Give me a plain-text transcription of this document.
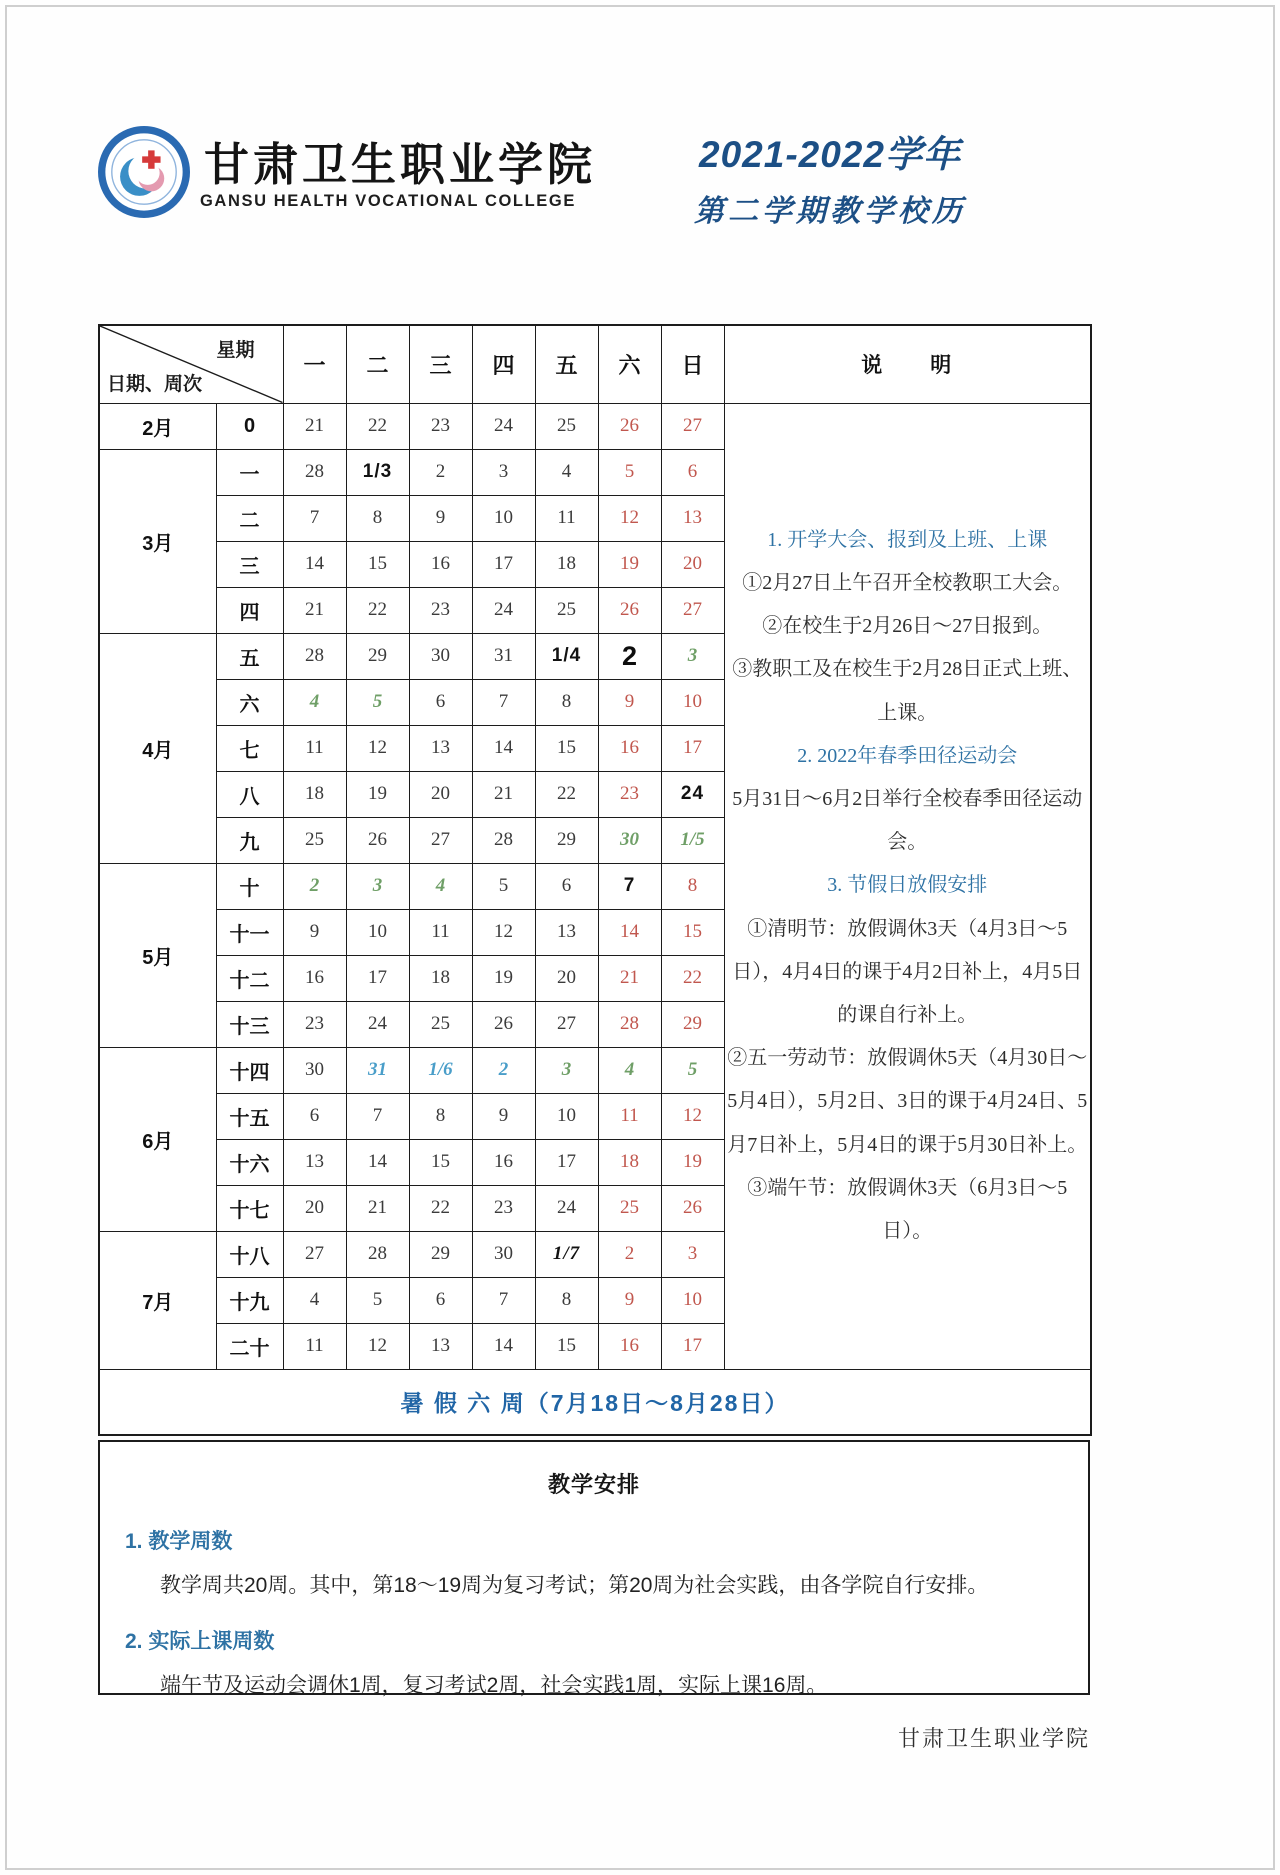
甘肃卫生职业学院
GANSU HEALTH VOCATIONAL COLLEGE
2021-2022学年
第二学期教学校历
星期
日期、周次		一	二	三	四	五	六	日	说　　明
2月	0	21	22	23	24	25	26	27	

1. 开学大会、报到及上班、上课

①2月27日上午召开全校教职工大会。

②在校生于2月26日～27日报到。

③教职工及在校生于2月28日正式上班、上课。

2. 2022年春季田径运动会

5月31日～6月2日举行全校春季田径运动会。

3. 节假日放假安排

①清明节：放假调休3天（4月3日～5日），4月4日的课于4月2日补上，4月5日的课自行补上。

②五一劳动节：放假调休5天（4月30日～5月4日），5月2日、3日的课于4月24日、5月7日补上，5月4日的课于5月30日补上。

③端午节：放假调休3天（6月3日～5日）。

3月	一	28	1/3	2	3	4	5	6	
	二	7	8	9	10	11	12	13	
	三	14	15	16	17	18	19	20	
	四	21	22	23	24	25	26	27	
4月	五	28	29	30	31	1/4	2	3	
	六	4	5	6	7	8	9	10	
	七	11	12	13	14	15	16	17	
	八	18	19	20	21	22	23	24	
	九	25	26	27	28	29	30	1/5	
5月	十	2	3	4	5	6	7	8	
	十一	9	10	11	12	13	14	15	
	十二	16	17	18	19	20	21	22	
	十三	23	24	25	26	27	28	29	
6月	十四	30	31	1/6	2	3	4	5	
	十五	6	7	8	9	10	11	12	
	十六	13	14	15	16	17	18	19	
	十七	20	21	22	23	24	25	26	
7月	十八	27	28	29	30	1/7	2	3	
	十九	4	5	6	7	8	9	10	
	二十	11	12	13	14	15	16	17	
暑 假 六 周（7月18日～8月28日）									
教学安排
1. 教学周数
教学周共20周。其中，第18～19周为复习考试；第20周为社会实践，由各学院自行安排。
2. 实际上课周数
端午节及运动会调休1周，复习考试2周，社会实践1周，实际上课16周。
甘肃卫生职业学院
